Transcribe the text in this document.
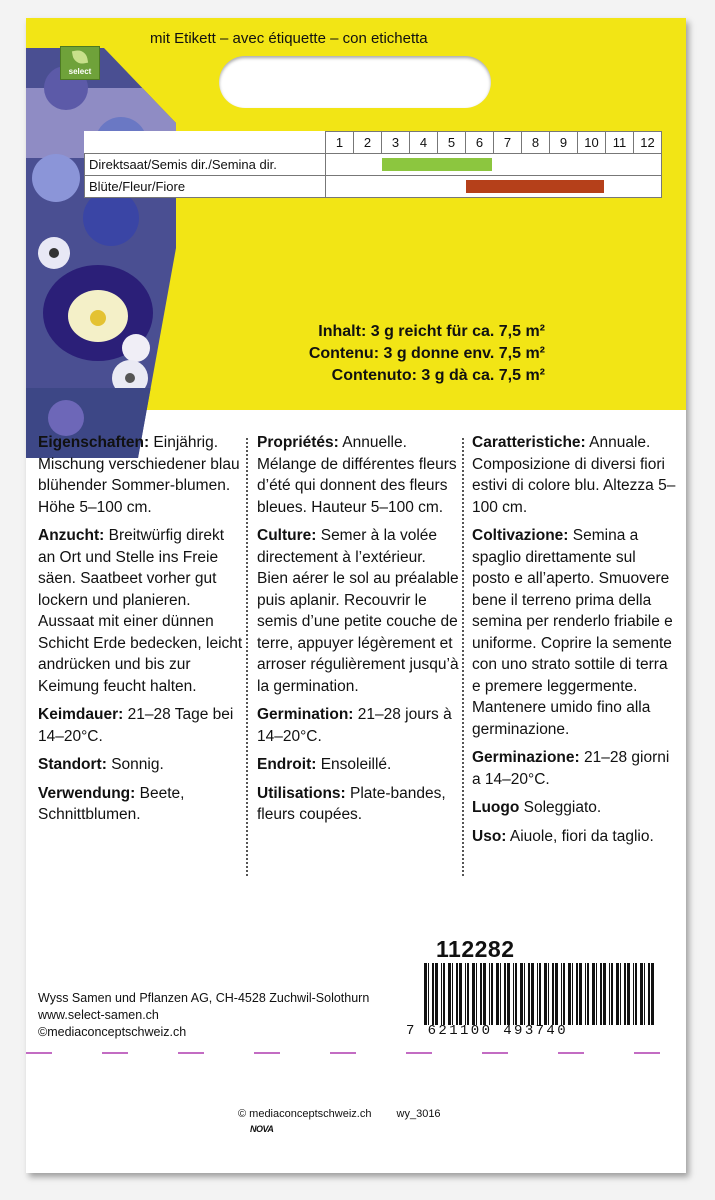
mit Etikett – avec étiquette – con etichetta
select
	1	2	3	4	5	6	7	8	9	10	11	12
Direktsaat/Semis dir./Semina dir.												

Blüte/Fleur/Fiore												
Inhalt: 3 g reicht für ca. 7,5 m²
Contenu: 3 g donne env. 7,5 m²
Contenuto: 3 g dà ca. 7,5 m²

Eigenschaften: Einjährig. Mischung verschiedener blau blühender Sommer-blumen. Höhe 5–100 cm.

Anzucht: Breitwürfig direkt an Ort und Stelle ins Freie säen. Saatbeet vorher gut lockern und planieren. Aussaat mit einer dünnen Schicht Erde bedecken, leicht andrücken und bis zur Keimung feucht halten.

Keimdauer: 21–28 Tage bei 14–20°C.

Standort: Sonnig.

Verwendung: Beete, Schnittblumen.

Propriétés: Annuelle. Mélange de différentes fleurs d’été qui donnent des fleurs bleues. Hauteur 5–100 cm.

Culture: Semer à la volée directement à l’extérieur. Bien aérer le sol au préalable puis aplanir. Recouvrir le semis d’une petite couche de terre, appuyer légèrement et arroser régulièrement jusqu’à la germination.

Germination: 21–28 jours à 14–20°C.

Endroit: Ensoleillé.

Utilisations: Plate-bandes, fleurs coupées.

Caratteristiche: Annuale. Composizione di diversi fiori estivi di colore blu. Altezza 5–100 cm.

Coltivazione: Semina a spaglio direttamente sul posto e all’aperto. Smuovere bene il terreno prima della semina per renderlo friabile e uniforme. Coprire la semente con uno strato sottile di terra e premere leggermente. Mantenere umido fino alla germinazione.

Germinazione: 21–28 giorni a 14–20°C.

Luogo Soleggiato.

Uso: Aiuole, fiori da taglio.

112282
7 621100 493740
Wyss Samen und Pflanzen AG, CH-4528 Zuchwil-Solothurn
www.select-samen.ch
©mediaconceptschweiz.ch
© mediaconceptschweiz.ch wy_3016
NOVA
